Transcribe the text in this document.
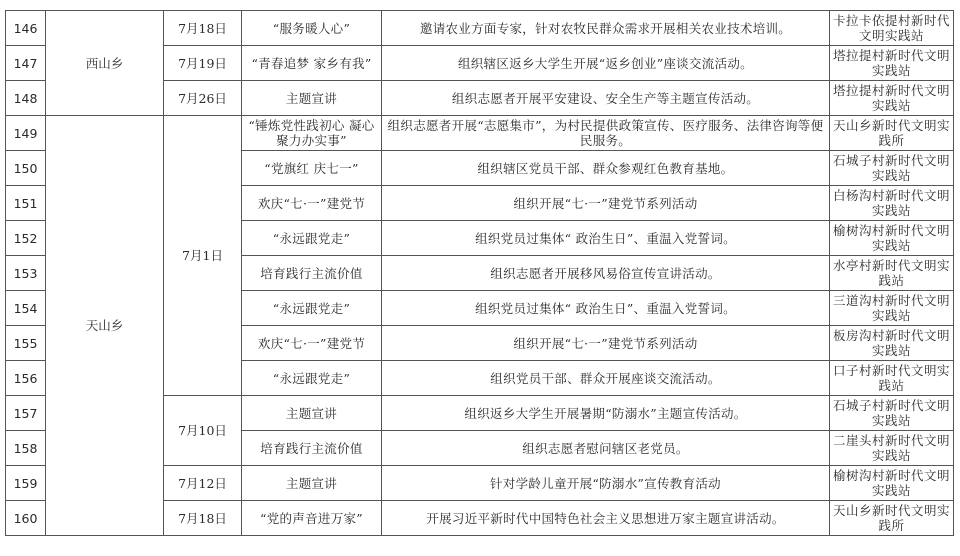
146	西山乡	7月18日	“服务暖人心”	邀请农业方面专家，针对农牧民群众需求开展相关农业技术培训。	卡拉卡依提村新时代文明实践站
147		7月19日	“青春追梦 家乡有我”	组织辖区返乡大学生开展“返乡创业”座谈交流活动。	塔拉提村新时代文明实践站
148		7月26日	主题宣讲	组织志愿者开展平安建设、安全生产等主题宣传活动。	塔拉提村新时代文明实践站
149	天山乡	7月1日	“锤炼党性践初心 凝心聚力办实事”	组织志愿者开展“志愿集市”，为村民提供政策宣传、医疗服务、法律咨询等便民服务。	天山乡新时代文明实践所
150			“党旗红 庆七一”	组织辖区党员干部、群众参观红色教育基地。	石城子村新时代文明实践站
151			欢庆“七·一”建党节	组织开展“七·一”建党节系列活动	白杨沟村新时代文明实践站
152			“永远跟党走”	组织党员过集体“ 政治生日”、重温入党誓词。	榆树沟村新时代文明实践站
153			培育践行主流价值	组织志愿者开展移风易俗宣传宣讲活动。	水亭村新时代文明实践站
154			“永远跟党走”	组织党员过集体“ 政治生日”、重温入党誓词。	三道沟村新时代文明实践站
155			欢庆“七·一”建党节	组织开展“七·一”建党节系列活动	板房沟村新时代文明实践站
156			“永远跟党走”	组织党员干部、群众开展座谈交流活动。	口子村新时代文明实践站
157		7月10日	主题宣讲	组织返乡大学生开展暑期“防溺水”主题宣传活动。	石城子村新时代文明实践站
158			培育践行主流价值	组织志愿者慰问辖区老党员。	二崖头村新时代文明实践站
159		7月12日	主题宣讲	针对学龄儿童开展“防溺水”宣传教育活动	榆树沟村新时代文明实践站
160		7月18日	“党的声音进万家”	开展习近平新时代中国特色社会主义思想进万家主题宣讲活动。	天山乡新时代文明实践所
